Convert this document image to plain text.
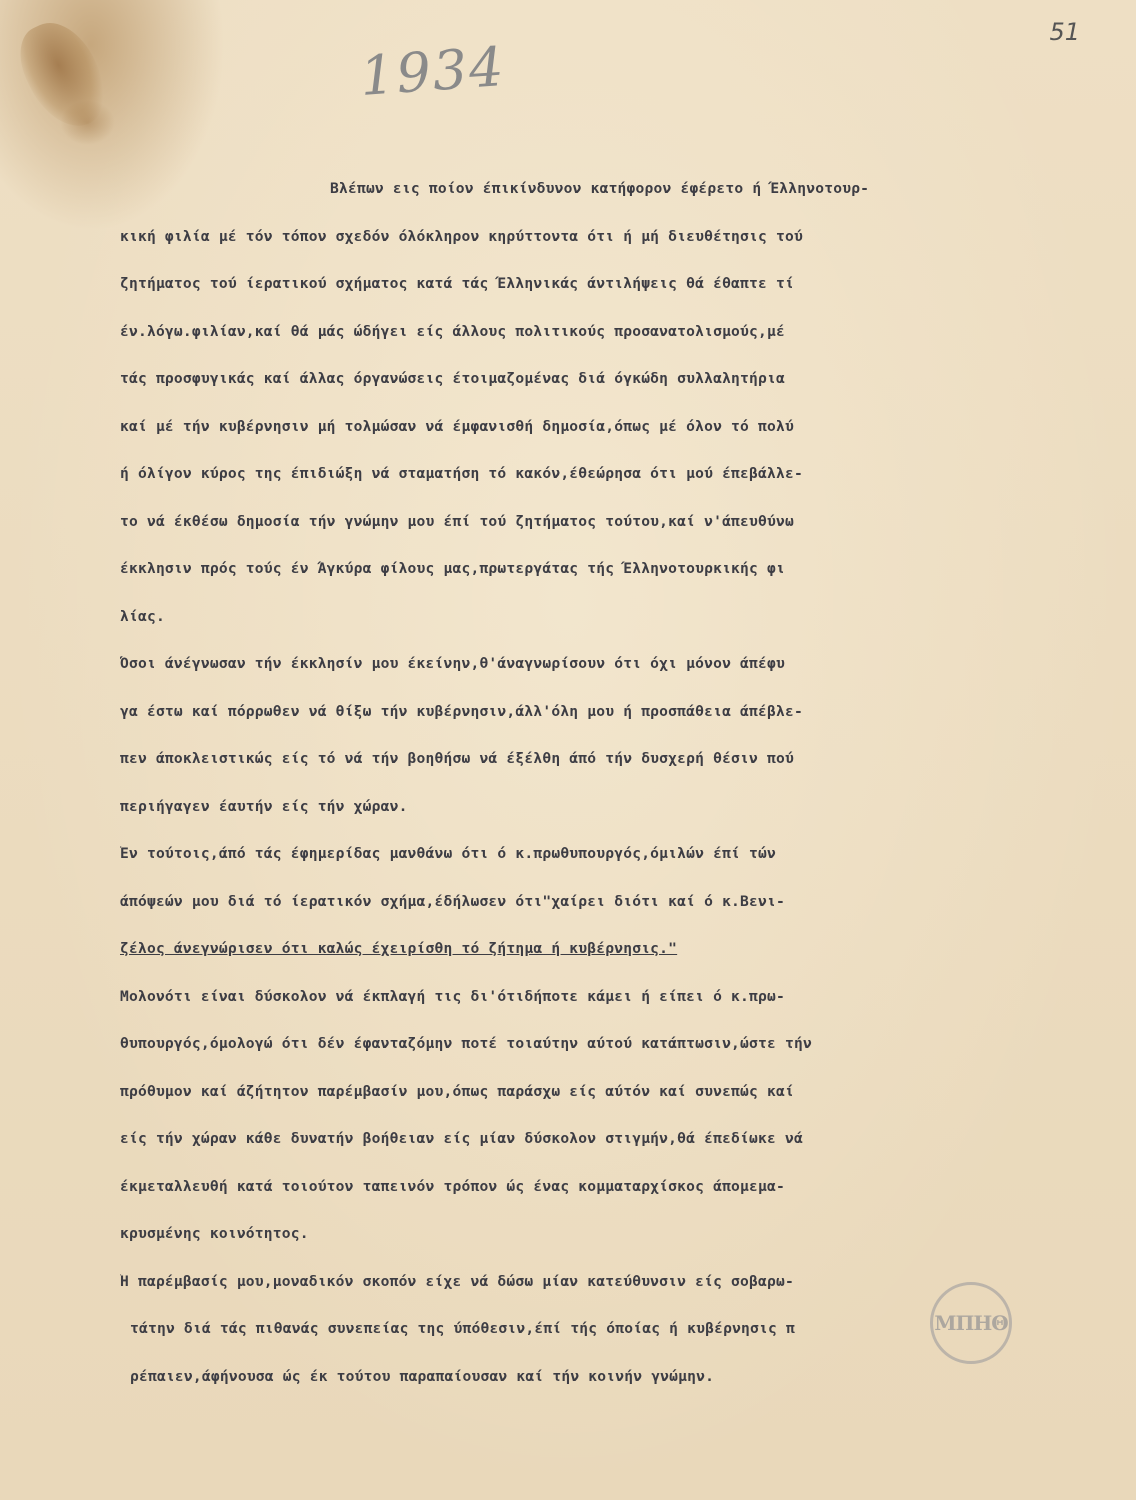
51
1934
Βλέπων εις ποίον έπικίνδυνον κατήφορον έφέρετο ή Έλληνοτουρ-
κική φιλία μέ τόν τόπον σχεδόν όλόκληρον κηρύττοντα ότι ή μή διευθέτησις τού
ζητήματος τού ίερατικού σχήματος κατά τάς Έλληνικάς άντιλήψεις θά έθαπτε τί
έν.λόγω.φιλίαν,καί θά μάς ώδήγει είς άλλους πολιτικούς προσανατολισμούς,μέ
τάς προσφυγικάς καί άλλας όργανώσεις έτοιμαζομένας διά όγκώδη συλλαλητήρια
καί μέ τήν κυβέρνησιν μή τολμώσαν νά έμφανισθή δημοσία,όπως μέ όλον τό πολύ
ή όλίγον κύρος της έπιδιώξη νά σταματήση τό κακόν,έθεώρησα ότι μού έπεβάλλε-
το νά έκθέσω δημοσία τήν γνώμην μου έπί τού ζητήματος τούτου,καί ν'άπευθύνω
έκκλησιν πρός τούς έν Άγκύρα φίλους μας,πρωτεργάτας τής Έλληνοτουρκικής φι
λίας.
Όσοι άνέγνωσαν τήν έκκλησίν μου έκείνην,θ'άναγνωρίσουν ότι όχι μόνον άπέφυ
γα έστω καί πόρρωθεν νά θίξω τήν κυβέρνησιν,άλλ'όλη μου ή προσπάθεια άπέβλε-
πεν άποκλειστικώς είς τό νά τήν βοηθήσω νά έξέλθη άπό τήν δυσχερή θέσιν πού
περιήγαγεν έαυτήν είς τήν χώραν.
Έν τούτοις,άπό τάς έφημερίδας μανθάνω ότι ό κ.πρωθυπουργός,όμιλών έπί τών
άπόψεών μου διά τό ίερατικόν σχήμα,έδήλωσεν ότι"χαίρει διότι καί ό κ.Βενι-
ζέλος άνεγνώρισεν ότι καλώς έχειρίσθη τό ζήτημα ή κυβέρνησις."
Μολονότι είναι δύσκολον νά έκπλαγή τις δι'ότιδήποτε κάμει ή είπει ό κ.πρω-
θυπουργός,όμολογώ ότι δέν έφανταζόμην ποτέ τοιαύτην αύτού κατάπτωσιν,ώστε τήν
πρόθυμον καί άζήτητον παρέμβασίν μου,όπως παράσχω είς αύτόν καί συνεπώς καί
είς τήν χώραν κάθε δυνατήν βοήθειαν είς μίαν δύσκολον στιγμήν,θά έπεδίωκε νά
έκμεταλλευθή κατά τοιούτον ταπεινόν τρόπον ώς ένας κομματαρχίσκος άπομεμα-
κρυσμένης κοινότητος.
Ή παρέμβασίς μου,μοναδικόν σκοπόν είχε νά δώσω μίαν κατεύθυνσιν είς σοβαρω-
τάτην διά τάς πιθανάς συνεπείας της ύπόθεσιν,έπί τής όποίας ή κυβέρνησις π
ρέπαιεν,άφήνουσα ώς έκ τούτου παραπαίουσαν καί τήν κοινήν γνώμην.
ΜΠΗΘ
